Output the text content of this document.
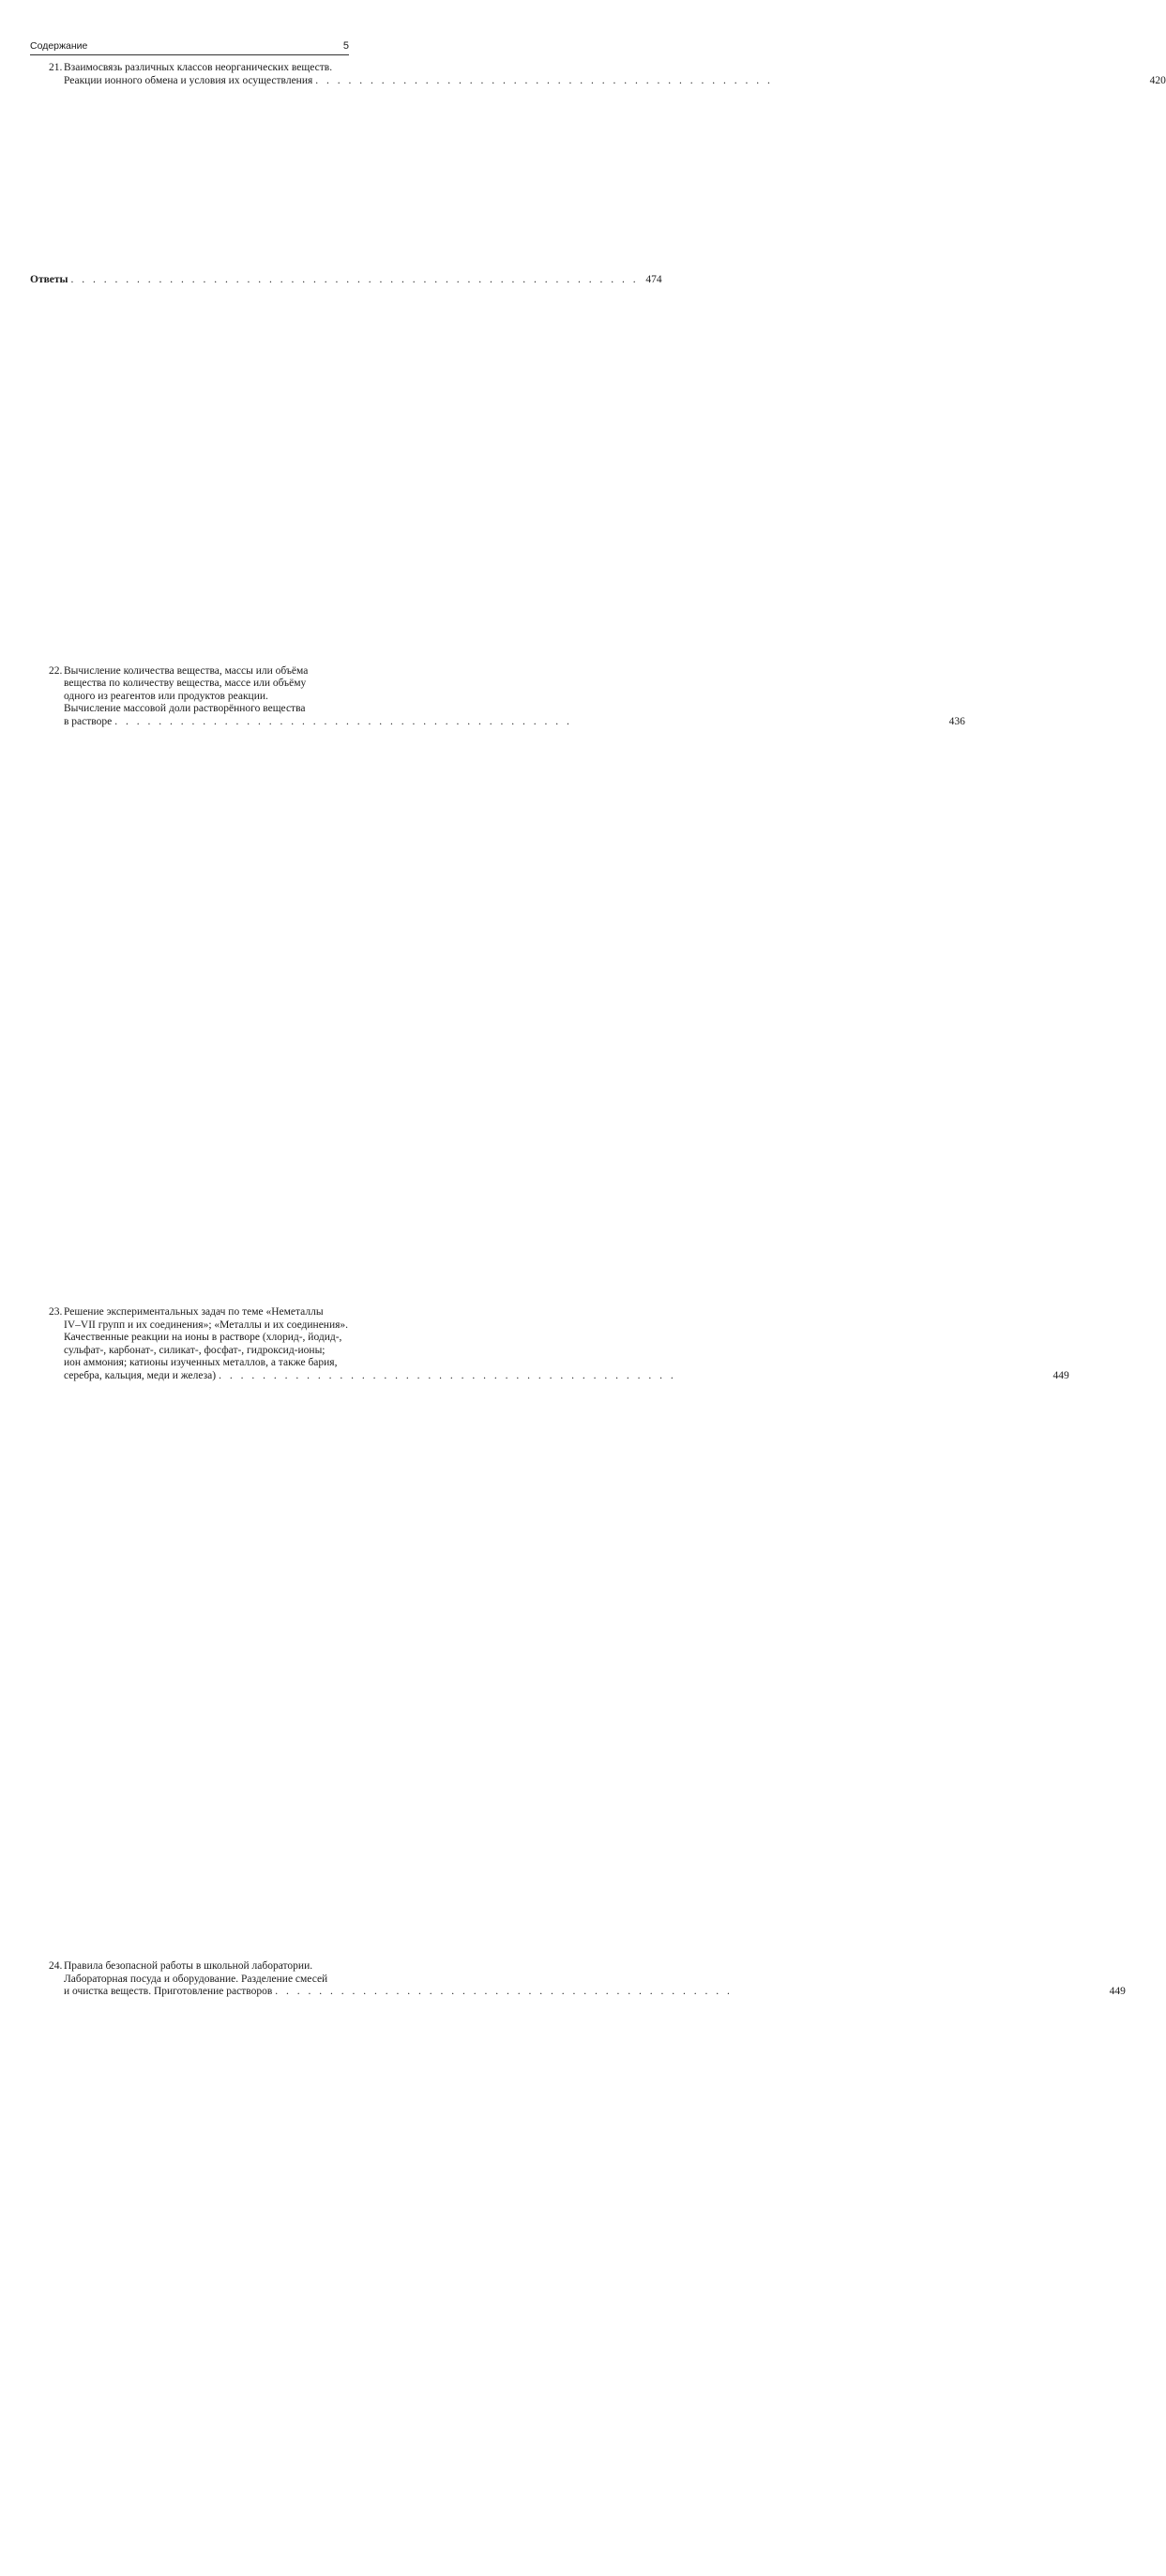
Содержание	5
21. Взаимосвязь различных классов неорганических веществ.
Реакции ионного обмена и условия их осуществления . . . . . . . . . . . . . . . . . . . . . . . . . . . . . . . . . . . . . . . . . .	420
22. Вычисление количества вещества, массы или объёма
вещества по количеству вещества, массе или объёму
одного из реагентов или продуктов реакции.
Вычисление массовой доли растворённого вещества
в растворе . . . . . . . . . . . . . . . . . . . . . . . . . . . . . . . . . . . . . . . . . .	436
23. Решение экспериментальных задач по теме «Неметаллы
IV–VII групп и их соединения»; «Металлы и их соединения».
Качественные реакции на ионы в растворе (хлорид-, йодид-,
сульфат-, карбонат-, силикат-, фосфат-, гидроксид-ионы;
ион аммония; катионы изученных металлов, а также бария,
серебра, кальция, меди и железа) . . . . . . . . . . . . . . . . . . . . . . . . . . . . . . . . . . . . . . . . . .	449
24. Правила безопасной работы в школьной лаборатории.
Лабораторная посуда и оборудование. Разделение смесей
и очистка веществ. Приготовление растворов . . . . . . . . . . . . . . . . . . . . . . . . . . . . . . . . . . . . . . . . . .	449
Ответы . . . . . . . . . . . . . . . . . . . . . . . . . . . . . . . . . . . . . . . . . . . . . . . . . . . . 474
